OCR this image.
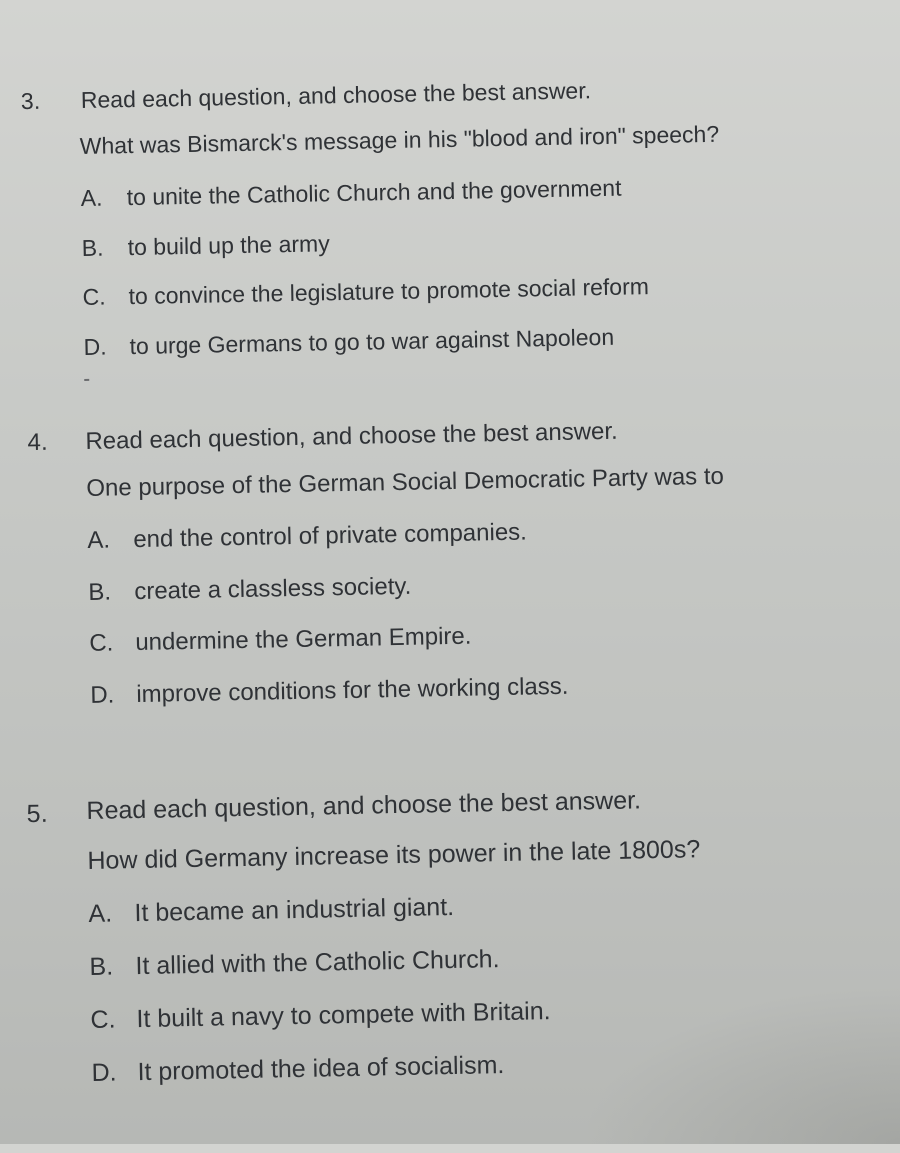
3. Read each question, and choose the best answer.
What was Bismarck's message in his "blood and iron" speech?
A.	to unite the Catholic Church and the government
B.	to build up the army
C. to convince the legislature to promote social reform
D. to urge Germans to go to war against Napoleon
4. Read each question, and choose the best answer.
One purpose of the German Social Democratic Party was to
A. end the control of private companies.
B. create a classless society.
C. undermine the German Empire.
D. improve conditions for the working class.
5. Read each question, and choose the best answer.
How did Germany increase its power in the late 1800s?
A. It became an industrial giant.
B. It allied with the Catholic Church.
C. It built a navy to compete with Britain.
D. It promoted the idea of socialism.
